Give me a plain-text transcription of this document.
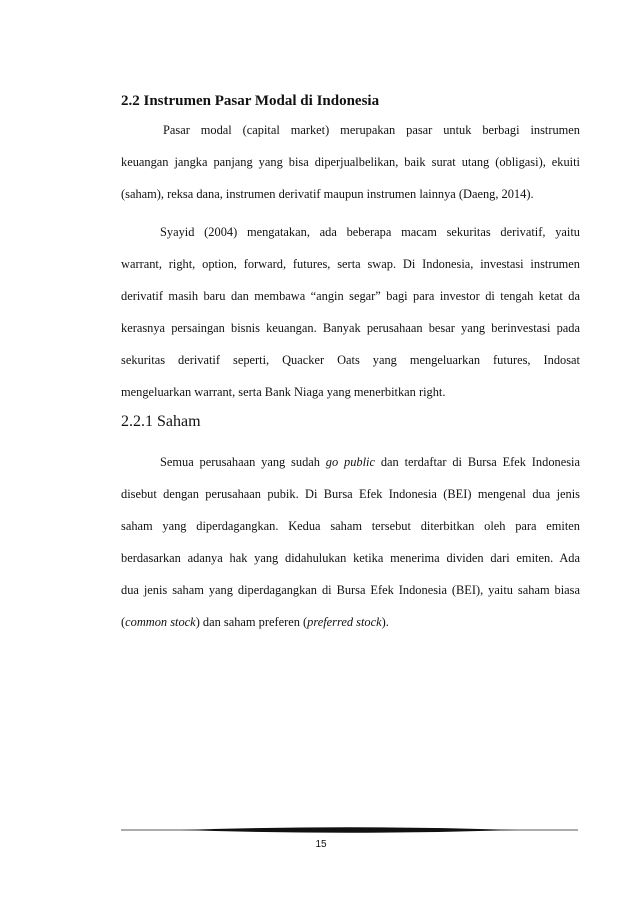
2.2 Instrumen Pasar Modal di Indonesia
Pasar modal (capital market) merupakan pasar untuk berbagi instrumen
keuangan jangka panjang yang bisa diperjualbelikan, baik surat utang (obligasi), ekuiti
(saham), reksa dana, instrumen derivatif maupun instrumen lainnya (Daeng, 2014).
Syayid (2004) mengatakan, ada beberapa macam sekuritas derivatif, yaitu
warrant, right, option, forward, futures, serta swap. Di Indonesia, investasi instrumen
derivatif masih baru dan membawa “angin segar” bagi para investor di tengah ketat da
kerasnya persaingan bisnis keuangan. Banyak perusahaan besar yang berinvestasi pada
sekuritas derivatif seperti, Quacker Oats yang mengeluarkan futures, Indosat
mengeluarkan warrant, serta Bank Niaga yang menerbitkan right.
2.2.1 Saham
Semua perusahaan yang sudah go public dan terdaftar di Bursa Efek Indonesia
disebut dengan perusahaan pubik. Di Bursa Efek Indonesia (BEI) mengenal dua jenis
saham yang diperdagangkan. Kedua saham tersebut diterbitkan oleh para emiten
berdasarkan adanya hak yang didahulukan ketika menerima dividen dari emiten. Ada
dua jenis saham yang diperdagangkan di Bursa Efek Indonesia (BEI), yaitu saham biasa
(common stock) dan saham preferen (preferred stock).
15
